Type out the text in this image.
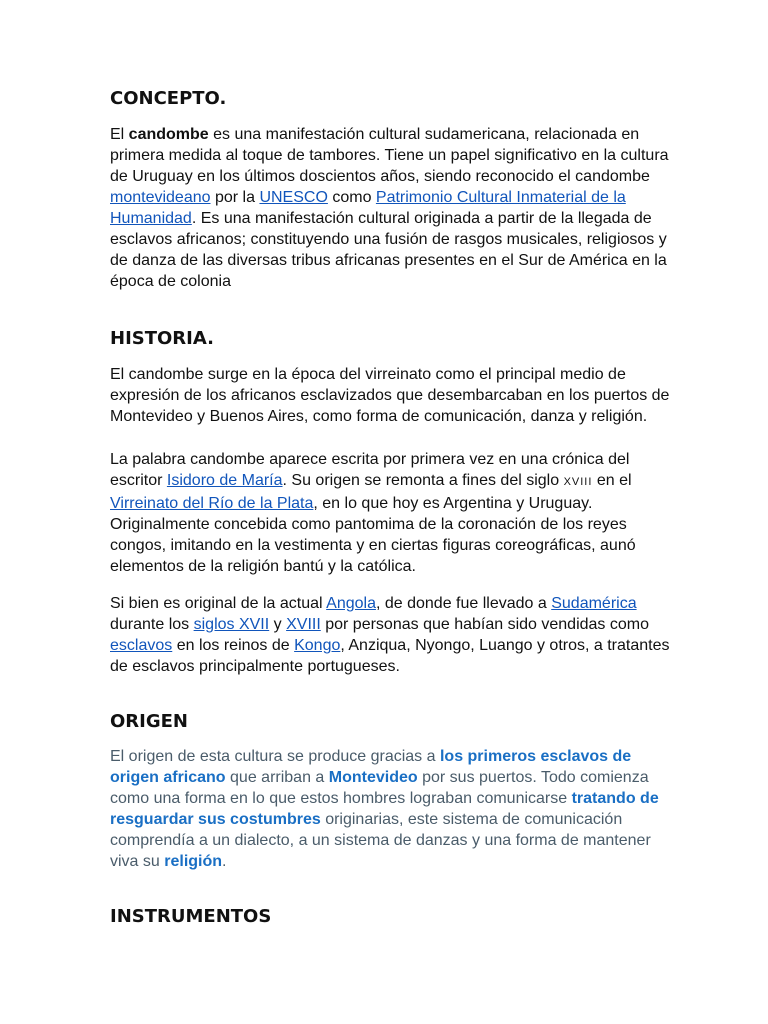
CONCEPTO.

El candombe es una manifestación cultural sudamericana, relacionada en primera medida al toque de tambores. Tiene un papel significativo en la cultura de Uruguay en los últimos doscientos años, siendo reconocido el candombe montevideano por la UNESCO como Patrimonio Cultural Inmaterial de la Humanidad. Es una manifestación cultural originada a partir de la llegada de esclavos africanos; constituyendo una fusión de rasgos musicales, religiosos y de danza de las diversas tribus africanas presentes en el Sur de América en la época de colonia

HISTORIA.

El candombe surge en la época del virreinato como el principal medio de expresión de los africanos esclavizados que desembarcaban en los puertos de Montevideo y Buenos Aires, como forma de comunicación, danza y religión.

La palabra candombe aparece escrita por primera vez en una crónica del escritor Isidoro de María. Su origen se remonta a fines del siglo XVIII en el Virreinato del Río de la Plata, en lo que hoy es Argentina y Uruguay. Originalmente concebida como pantomima de la coronación de los reyes congos, imitando en la vestimenta y en ciertas figuras coreográficas, aunó elementos de la religión bantú y la católica.

Si bien es original de la actual Angola, de donde fue llevado a Sudamérica durante los siglos XVII y XVIII por personas que habían sido vendidas como esclavos en los reinos de Kongo, Anziqua, Nyongo, Luango y otros, a tratantes de esclavos principalmente portugueses.

ORIGEN

El origen de esta cultura se produce gracias a los primeros esclavos de origen africano que arriban a Montevideo por sus puertos. Todo comienza como una forma en lo que estos hombres lograban comunicarse tratando de resguardar sus costumbres originarias, este sistema de comunicación comprendía a un dialecto, a un sistema de danzas y una forma de mantener viva su religión.

INSTRUMENTOS
